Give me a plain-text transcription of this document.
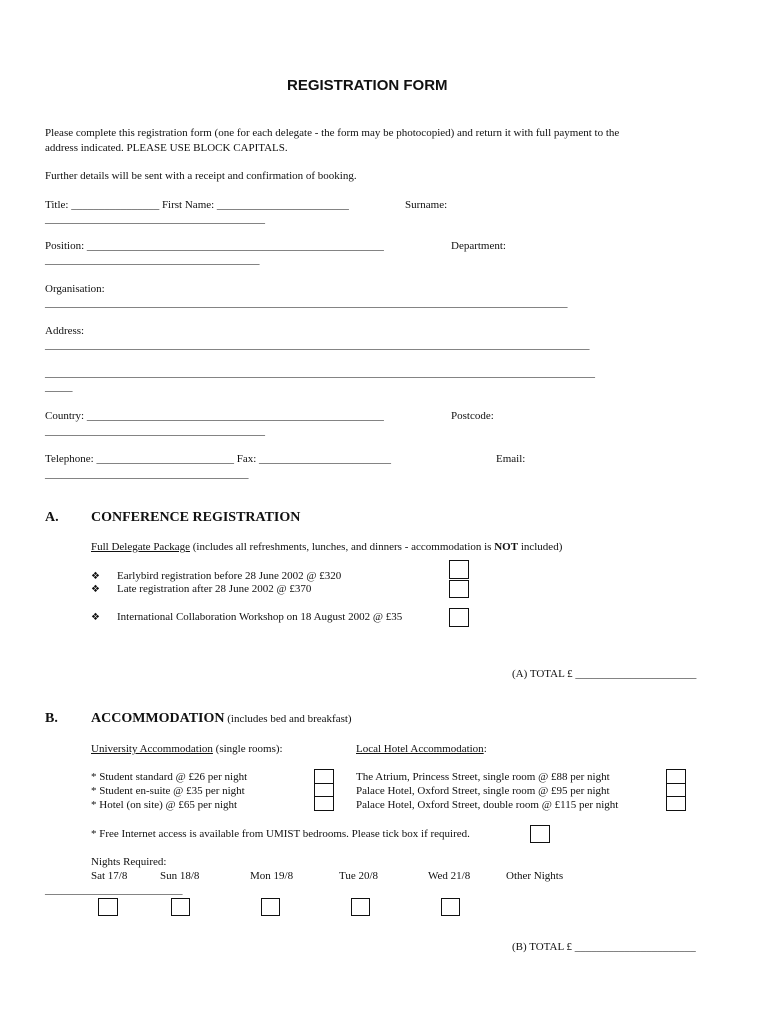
REGISTRATION FORM
Please complete this registration form (one for each delegate - the form may be photocopied) and return it with full payment to the
address indicated. PLEASE USE BLOCK CAPITALS.
Further details will be sent with a receipt and confirmation of booking.
Title: ________________ First Name: ________________________	Surname:
________________________________________
Position: ______________________________________________________	Department:
_______________________________________
Organisation:
_______________________________________________________________________________________________
Address:
___________________________________________________________________________________________________
____________________________________________________________________________________________________
_____
Country: ______________________________________________________	Postcode:
________________________________________
Telephone: _________________________ Fax: ________________________	Email:
_____________________________________
A. CONFERENCE REGISTRATION
Full Delegate Package (includes all refreshments, lunches, and dinners - accommodation is NOT included)
❖ Earlybird registration before 28 June 2002 @ £320
❖ Late registration after 28 June 2002 @ £370
❖ International Collaboration Workshop on 18 August 2002 @ £35
(A) TOTAL £ ______________________
B. ACCOMMODATION (includes bed and breakfast)
University Accommodation (single rooms):	Local Hotel Accommodation:
* Student standard @ £26 per night
* Student en-suite @ £35 per night
* Hotel (on site) @ £65 per night
The Atrium, Princess Street, single room @ £88 per night
Palace Hotel, Oxford Street, single room @ £95 per night
Palace Hotel, Oxford Street, double room @ £115 per night
* Free Internet access is available from UMIST bedrooms. Please tick box if required.
Nights Required:
Sat 17/8	Sun 18/8	Mon 19/8	Tue 20/8	Wed 21/8	Other Nights
_________________________
(B) TOTAL £ ______________________
